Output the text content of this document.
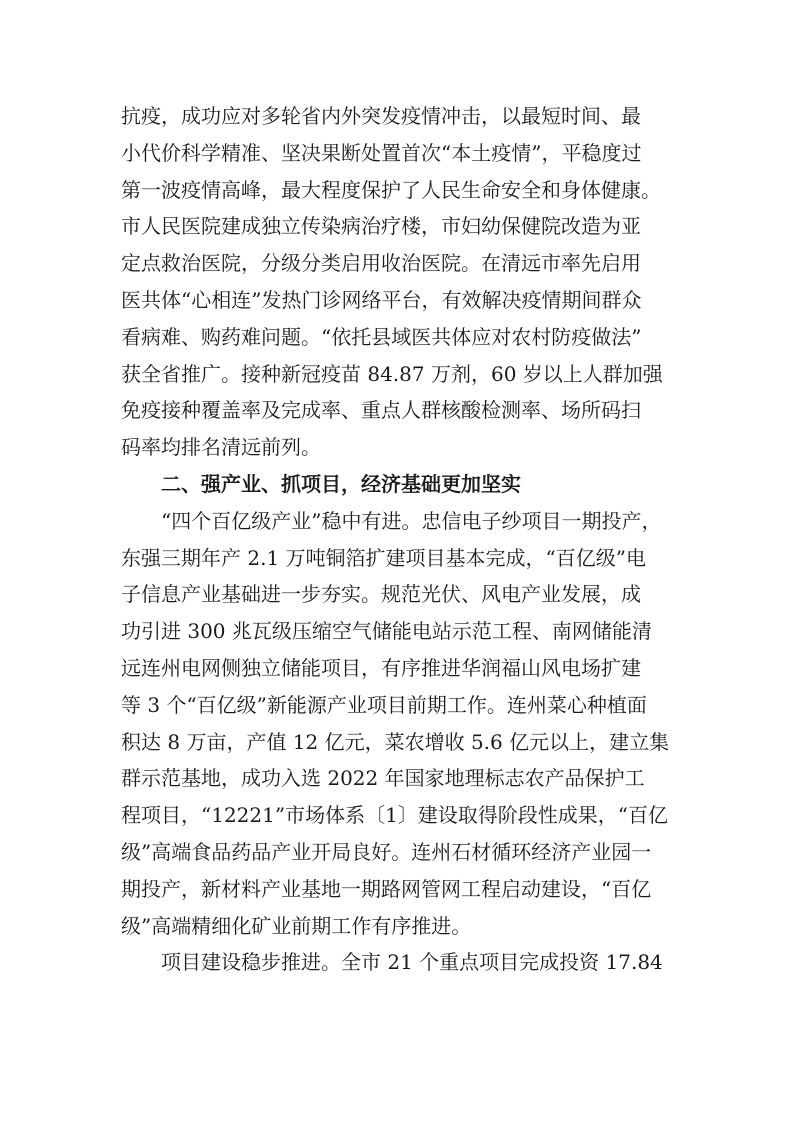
抗疫，成功应对多轮省内外突发疫情冲击，以最短时间、最
小代价科学精准、坚决果断处置首次“本土疫情”，平稳度过
第一波疫情高峰，最大程度保护了人民生命安全和身体健康。
市人民医院建成独立传染病治疗楼，市妇幼保健院改造为亚
定点救治医院，分级分类启用收治医院。在清远市率先启用
医共体“心相连”发热门诊网络平台，有效解决疫情期间群众
看病难、购药难问题。“依托县域医共体应对农村防疫做法”
获全省推广。接种新冠疫苗 84.87 万剂，60 岁以上人群加强
免疫接种覆盖率及完成率、重点人群核酸检测率、场所码扫
码率均排名清远前列。
二、强产业、抓项目，经济基础更加坚实
“四个百亿级产业”稳中有进。忠信电子纱项目一期投产，
东强三期年产 2.1 万吨铜箔扩建项目基本完成，“百亿级”电
子信息产业基础进一步夯实。规范光伏、风电产业发展，成
功引进 300 兆瓦级压缩空气储能电站示范工程、南网储能清
远连州电网侧独立储能项目，有序推进华润福山风电场扩建
等 3 个“百亿级”新能源产业项目前期工作。连州菜心种植面
积达 8 万亩，产值 12 亿元，菜农增收 5.6 亿元以上，建立集
群示范基地，成功入选 2022 年国家地理标志农产品保护工
程项目，“12221”市场体系〔1〕建设取得阶段性成果，“百亿
级”高端食品药品产业开局良好。连州石材循环经济产业园一
期投产，新材料产业基地一期路网管网工程启动建设，“百亿
级”高端精细化矿业前期工作有序推进。
项目建设稳步推进。全市 21 个重点项目完成投资 17.84
